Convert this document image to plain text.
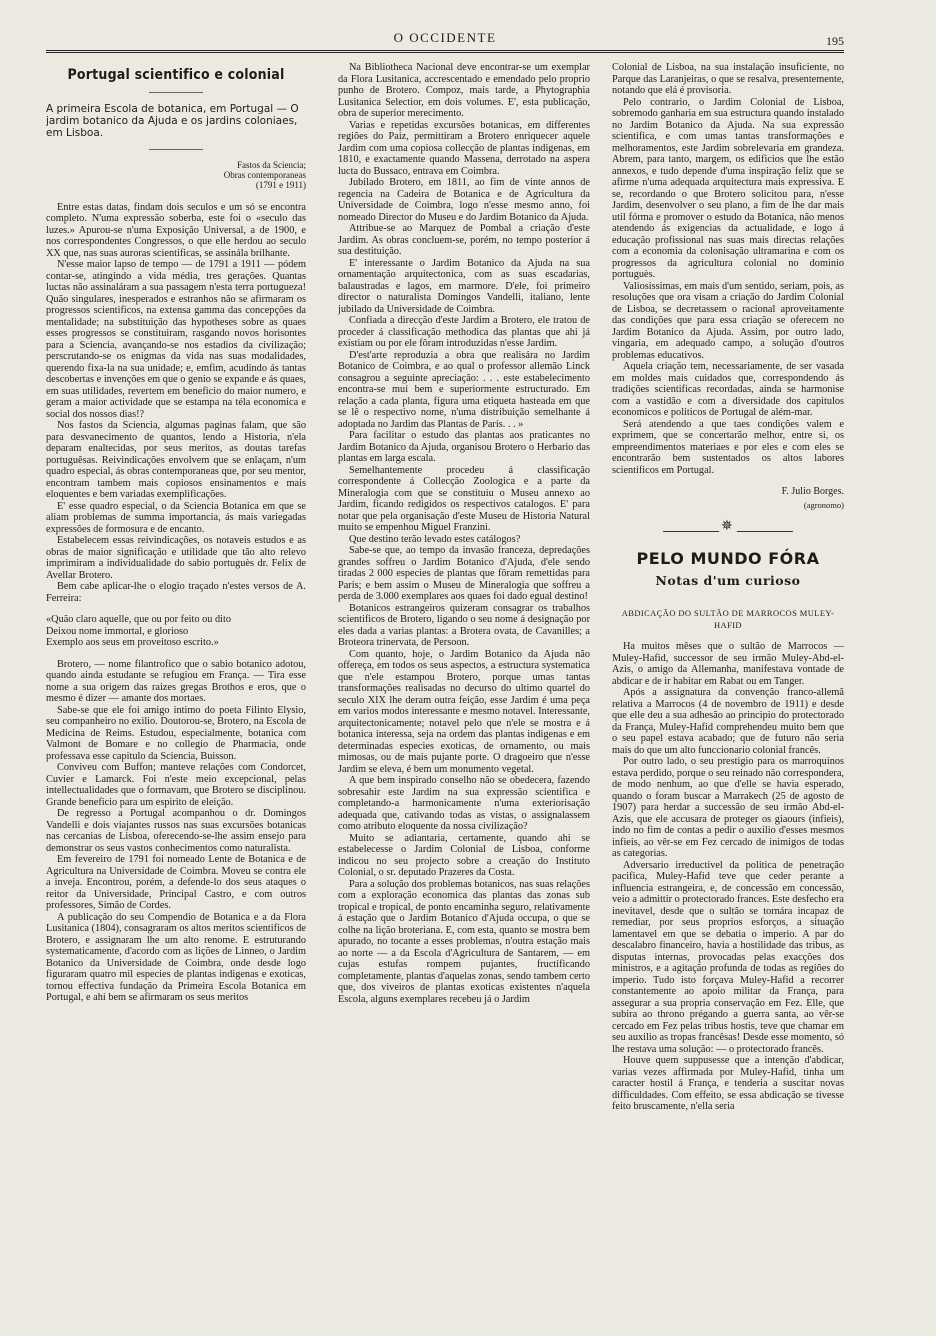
O OCCIDENTE	195
Portugal scientifico e colonial
A primeira Escola de botanica, em Portugal — O jardim botanico da Ajuda e os jardins coloniaes, em Lisboa.
Fastos da Sciencia;
Obras contemporaneas
(1791 e 1911)

Entre estas datas, findam dois seculos e um só se encontra completo. N'uma expressão soberba, este foi o «seculo das luzes.» Apurou-se n'uma Exposição Universal, a de 1900, e nos correspondentes Congressos, o que elle herdou ao seculo XX que, nas suas auroras scientificas, se assinála brilhante.

N'esse maior lapso de tempo — de 1791 a 1911 — pódem contar-se, atingindo a vida média, tres gerações. Quantas luctas não assinaláram a sua passagem n'esta terra portugueza! Quão singulares, inesperados e estranhos não se afirmaram os progressos scientificos, na extensa gamma das concepções da mentalidade; na substituição das hypotheses sobre as quaes esses progressos se constituiram, rasgando novos horisontes para a Sciencia, avançando-se nos estadios da civilização; perscrutando-se os enigmas da vida nas suas modalidades, querendo fixa-la na sua unidade; e, emfim, acudindo ás tantas descobertas e invenções em que o genio se expande e ás quaes, em suas utilidades, revertem em beneficio do maior numero, e geram a maior actividade que se estampa na téla economica e social dos nossos dias!?

Nos fastos da Sciencia, algumas paginas falam, que são para desvanecimento de quantos, lendo a Historia, n'ela deparam enaltecidas, por seus meritos, as doutas tarefas portuguêsas. Reivindicações envolvem que se enlaçam, n'um quadro especial, ás obras contemporaneas que, por seu mentor, encontram tambem mais copiosos ensinamentos e mais eloquentes e bem variadas exemplificações.

E' esse quadro especial, o da Sciencia Botanica em que se aliam problemas de summa importancia, ás mais variegadas expressões de formosura e de encanto.

Estabelecem essas reivindicações, os notaveis estudos e as obras de maior significação e utilidade que tão alto relevo imprimiram a individualidade do sabio portuguès dr. Felix de Avellar Brotero.

Bem cabe aplicar-lhe o elogio traçado n'estes versos de A. Ferreira:

«Quão claro aquelle, que ou por feito ou dito
Deixou nome immortal, e glorioso
Exemplo aos seus em proveitoso escrito.»

Brotero, — nome filantrofico que o sabio botanico adotou, quando ainda estudante se refugiou em França. — Tira esse nome a sua origem das raizes gregas Brothos e eros, que o mesmo é dizer — amante dos mortaes.

Sabe-se que ele foi amigo intimo do poeta Filinto Elysio, seu companheiro no exilio. Doutorou-se, Brotero, na Escola de Medicina de Reims. Estudou, especialmente, botanica com Valmont de Bomare e no collegio de Pharmacia, onde professava esse capitulo da Sciencia, Buisson.

Conviveu com Buffon; manteve relações com Condorcet, Cuvier e Lamarck. Foi n'este meio excepcional, pelas intellectualidades que o formavam, que Brotero se disciplinou. Grande beneficio para um espirito de eleição.

De regresso a Portugal acompanhou o dr. Domingos Vandelli e dois viajantes russos nas suas excursões botanicas nas cercanias de Lisboa, oferecendo-se-lhe assim ensejo para demonstrar os seus vastos conhecimentos como naturalista.

Em fevereiro de 1791 foi nomeado Lente de Botanica e de Agricultura na Universidade de Coimbra. Moveu se contra ele a inveja. Encontrou, porém, a defende-lo dos seus ataques o reitor da Universidade, Principal Castro, e com outros professores, Simão de Cordes.

A publicação do seu Compendio de Botanica e a da Flora Lusitanica (1804), consagraram os altos meritos scientificos de Brotero, e assignaram lhe um alto renome. E estruturando systematicamente, d'acordo com as lições de Linneo, o Jardim Botanico da Universidade de Coimbra, onde desde logo figuraram quatro mil especies de plantas indigenas e exoticas, tornou effectiva fundação da Primeira Escola Botanica em Portugal, e ahi bem se afirmaram os seus meritos

Na Bibliotheca Nacional deve encontrar-se um exemplar da Flora Lusitanica, accrescentado e emendado pelo proprio punho de Brotero. Compoz, mais tarde, a Phytographia Lusitanica Selectior, em dois volumes. E', esta publicação, obra de superior merecimento.

Varias e repetidas excursões botanicas, em differentes regiões do Paiz, permittiram a Brotero enriquecer aquele Jardim com uma copiosa collecção de plantas indigenas, em 1810, e exactamente quando Massena, derrotado na aspera lucta do Bussaco, entrava em Coimbra.

Jubilado Brotero, em 1811, ao fim de vinte annos de regencia na Cadeira de Botanica e de Agricultura da Universidade de Coimbra, logo n'esse mesmo anno, foi nomeado Director do Museu e do Jardim Botanico da Ajuda.

Attribue-se ao Marquez de Pombal a criação d'este Jardim. As obras concluem-se, porém, no tempo posterior á sua destituição.

E' interessante o Jardim Botanico da Ajuda na sua ornamentação arquitectonica, com as suas escadarias, balaustradas e lagos, em marmore. D'ele, foi primeiro director o naturalista Domingos Vandelli, italiano, lente jubilado da Universidade de Coimbra.

Confiada a direcção d'este Jardim a Brotero, ele tratou de proceder á classificação methodica das plantas que ahi já existiam ou por ele fôram introduzidas n'esse Jardim.

D'est'arte reproduzia a obra que realisára no Jardim Botanico de Coimbra, e ao qual o professor allemão Linck consagrou a seguinte apreciação: . . . este estabelecimento encontra-se muí bem e superiormente estructurado. Em relação a cada planta, figura uma etiqueta hasteada em que se lê o respectivo nome, n'uma distribuição semelhante á adoptada no Jardim das Plantas de Paris. . . »

Para facilitar o estudo das plantas aos praticantes no Jardim Botanico da Ajuda, organisou Brotero o Herbario das plantas em larga escala.

Semelhantemente procedeu á classificação correspondente á Collecção Zoologica e a parte da Mineralogia com que se constituiu o Museu annexo ao Jardim, ficando redigidos os respectivos catalogos. E' para notar que pela organisação d'este Museu de Historia Natural muito se empenhou Miguel Franzini.

Que destino terão levado estes catálogos?

Sabe-se que, ao tempo da invasão franceza, depredações grandes soffreu o Jardim Botanico d'Ajuda, d'ele sendo tiradas 2 000 especies de plantas que fôram remettidas para Paris; e bem assim o Museu de Mineralogia que soffreu a perda de 3.000 exemplares aos quaes foi dado egual destino!

Botanicos estrangeiros quizeram consagrar os trabalhos scientificos de Brotero, ligando o seu nome á designação por eles dada a varias plantas: a Brotera ovata, de Cavanilles; a Broteora trinervata, de Persoon.

Com quanto, hoje, o Jardim Botanico da Ajuda não offereça, em todos os seus aspectos, a estructura systematica que n'ele estampou Brotero, porque umas tantas transformações realisadas no decurso do ultimo quartel do seculo XIX lhe deram outra feição, esse Jardim é uma peça em varios modos interessante e mesmo notavel. Interessante, arquitectonicamente; notavel pelo que n'ele se mostra e á botanica interessa, seja na ordem das plantas indigenas e em determinadas especies exoticas, de ornamento, ou mais mimosas, ou de mais pujante porte. O dragoeiro que n'esse Jardim se eleva, é bem um monumento vegetal.

A que bem inspirado conselho não se obedecera, fazendo sobresahir este Jardim na sua expressão scientifica e completando-a harmonicamente n'uma exteriorisação adequada que, cativando todas as vistas, o assignalassem como atributo eloquente da nossa civilização?

Muito se adiantaria, certamente, quando ahi se estabelecesse o Jardim Colonial de Lisboa, conforme indicou no seu projecto sobre a creação do Instituto Colonial, o sr. deputado Prazeres da Costa.

Para a solução dos problemas botanicos, nas suas relações com a exploração economica das plantas das zonas sub tropical e tropical, de ponto encaminha seguro, relativamente á estação que o Jardim Botanico d'Ajuda occupa, o que se colhe na lição broteriana. E, com esta, quanto se mostra bem apurado, no tocante a esses problemas, n'outra estação mais ao norte — a da Escola d'Agricultura de Santarem, — em cujas estufas rompem pujantes, fructificando completamente, plantas d'aquelas zonas, sendo tambem certo que, dos viveiros de plantas exoticas existentes n'aquela Escola, alguns exemplares recebeu já o Jardim

Colonial de Lisboa, na sua instalação insuficiente, no Parque das Laranjeiras, o que se resalva, presentemente, notando que elá é provisoria.

Pelo contrario, o Jardim Colonial de Lisboa, sobremodo ganharia em sua estructura quando instalado no Jardim Botanico da Ajuda. Na sua expressão scientifica, e com umas tantas transformações e melhoramentos, este Jardim sobrelevaria em grandeza. Abrem, para tanto, margem, os edificios que lhe estão annexos, e tudo depende d'uma inspiração feliz que se afirme n'uma adequada arquitectura mais expressiva. E se, recordando o que Brotero solicitou para, n'esse Jardim, desenvolver o seu plano, a fim de lhe dar mais util fórma e promover o estudo da Botanica, não menos atendendo ás exigencias da actualidade, e logo á educação profissional nas suas mais directas relações com a economia da colonisação ultramarina e com os progressos da agricultura colonial no dominio portuguès.

Valiosissimas, em mais d'um sentido, seriam, pois, as resoluções que ora visam a criação do Jardim Colonial de Lisboa, se decretassem o racional aproveitamente das condições que para essa criação se oferecem no Jardim Botanico da Ajuda. Assim, por outro lado, vingaria, em adequado campo, a solução d'outros problemas educativos.

Aquela criação tem, necessariamente, de ser vasada em moldes mais cuidados que, correspondendo ás tradições scientificas recordadas, ainda se harmonise com a vastidão e com a diversidade dos capitulos economicos e politicos de Portugal de além-mar.

Será atendendo a que taes condições valem e exprimem, que se concertarão melhor, entre si, os empreendimentos materiaes e por eles e com eles se encontrarão bem sustentados os altos labores scientificos em Portugal.

F. Julio Borges.
(agronomo)
✵
PELO MUNDO FÓRA
Notas d'um curioso
ABDICAÇÃO DO SULTÃO DE MARROCOS MULEY-HAFID

Ha muitos mêses que o sultão de Marrocos — Muley-Hafid, successor de seu irmão Muley-Abd-el-Azis, o amigo da Allemanha, manifestava vontade de abdicar e de ir habitar em Rabat ou em Tanger.

Após a assignatura da convenção franco-allemã relativa a Marrocos (4 de novembro de 1911) e desde que elle deu a sua adhesão ao principio do protectorado da França, Muley-Hafid comprehendeu muito bem que o seu papel estava acabado; que de futuro não seria mais do que um alto funccionario colonial francês.

Por outro lado, o seu prestigio para os marroquinos estava perdido, porque o seu reinado não correspondera, de modo nenhum, ao que d'elle se havia esperado, quando o foram buscar a Marrakech (25 de agosto de 1907) para herdar a successão de seu irmão Abd-el-Azis, que ele accusara de proteger os giaours (infieis), indo no fim de contas a pedir o auxilio d'esses mesmos infieis, ao vêr-se em Fez cercado de inimigos de todas as categorias.

Adversario irreductivel da politica de penetração pacifica, Muley-Hafid teve que ceder perante a influencia estrangeira, e, de concessão em concessão, veio a admittir o protectorado frances. Este desfecho era inevitavel, desde que o sultão se tornára incapaz de remediar, por seus proprios esforços, a situação lamentavel em que se debatia o imperio. A par do descalabro financeiro, havia a hostilidade das tribus, as disputas internas, provocadas pelas exacções dos ministros, e a agitação profunda de todas as regiões do imperio. Tudo isto forçava Muley-Hafid a recorrer constantemente ao apoio militar da França, para assegurar a sua propria conservação em Fez. Elle, que subira ao throno prégando a guerra santa, ao vêr-se cercado em Fez pelas tribus hostis, teve que chamar em seu auxilio as tropas francêsas! Desde esse momento, só lhe restava uma solução: — o protectorado francês.

Houve quem suppusesse que a intenção d'abdicar, varias vezes affirmada por Muley-Hafid, tinha um caracter hostil á França, e tenderia a suscitar novas difficuldades. Com effeito, se essa abdicação se tivesse feito bruscamente, n'ella seria
